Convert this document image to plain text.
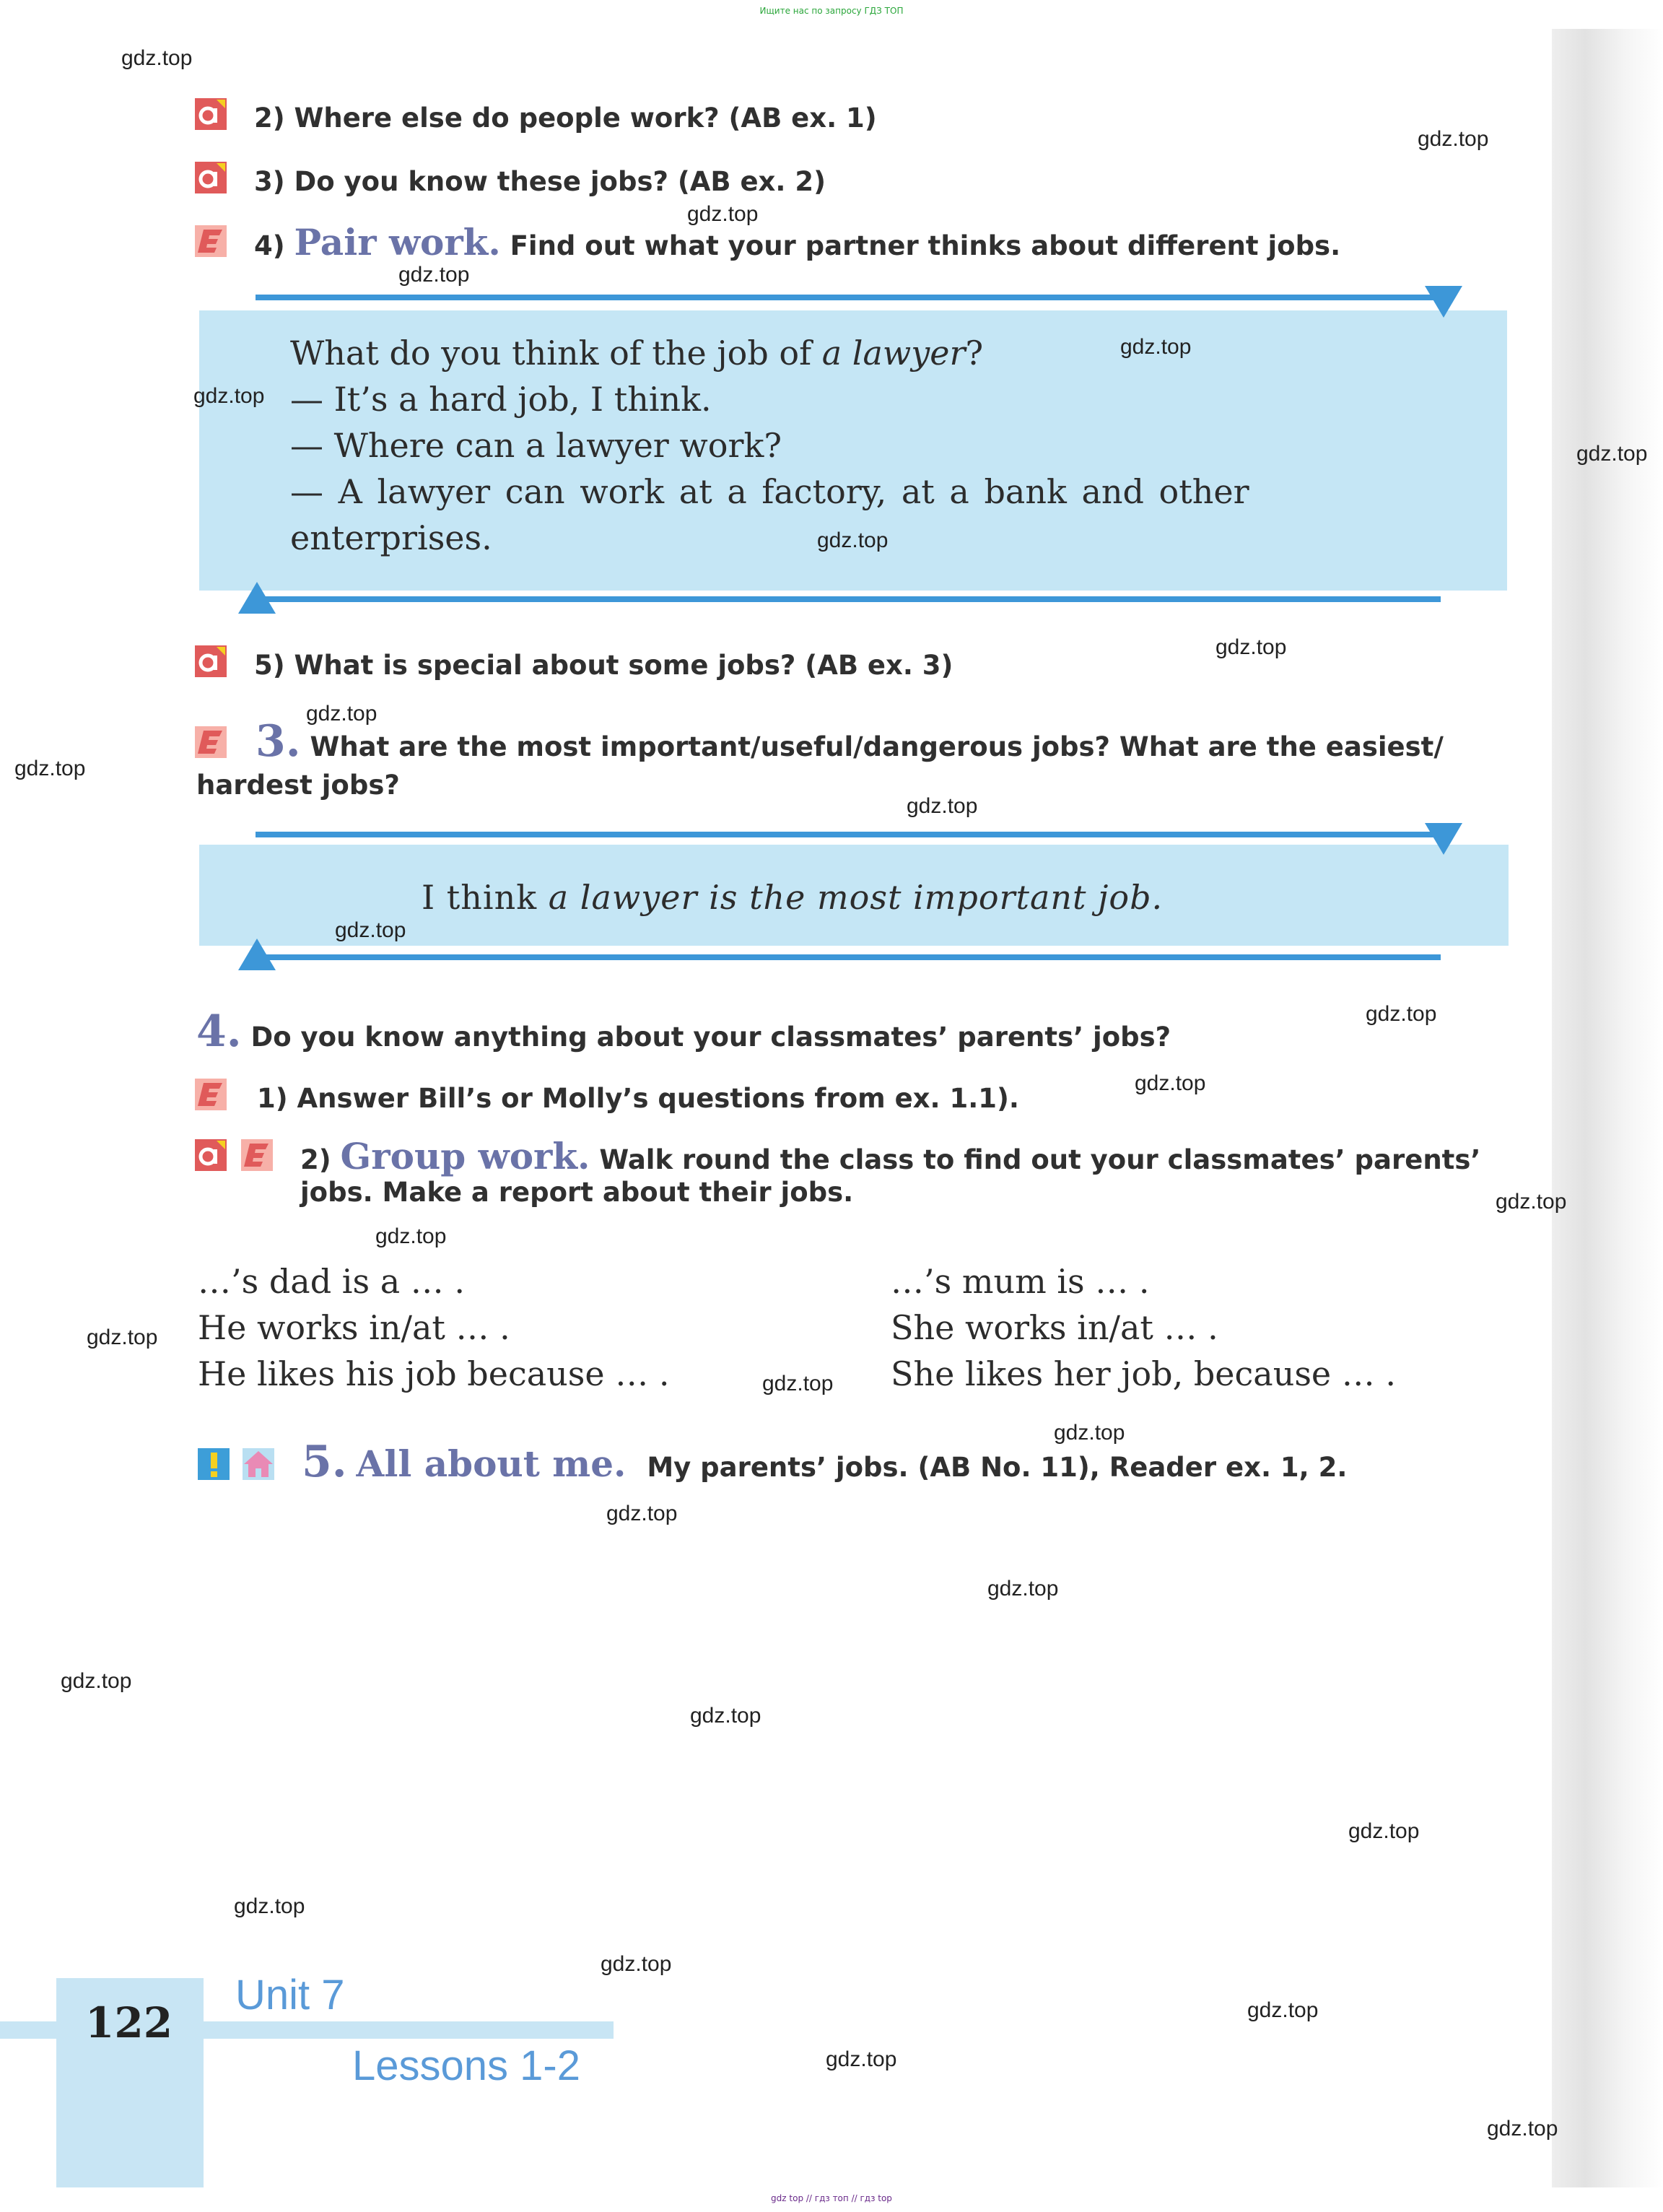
Ищите нас по запросу ГДЗ ТОП
2) Where else do people work? (AB ex. 1)
3) Do you know these jobs? (AB ex. 2)
4) Pair work. Find out what your partner thinks about different jobs.
What do you think of the job of a lawyer?
— It’s a hard job, I think.
— Where can a lawyer work?
— A lawyer can work at a factory, at a bank and other
enterprises.
5) What is special about some jobs? (AB ex. 3)
3. What are the most important/useful/dangerous jobs? What are the easiest/
hardest jobs?
I think a lawyer is the most important job.
4. Do you know anything about your classmates’ parents’ jobs?
1) Answer Bill’s or Molly’s questions from ex. 1.1).
2) Group work. Walk round the class to find out your classmates’ parents’
jobs. Make a report about their jobs.
…’s dad is a … .
He works in/at … .
He likes his job because … .
…’s mum is … .
She works in/at … .
She likes her job, because … .
5. All about me. My parents’ jobs. (AB No. 11), Reader ex. 1, 2.
122
Unit 7
Lessons 1-2
gdz.top
gdz.top
gdz.top
gdz.top
gdz.top
gdz.top
gdz.top
gdz.top
gdz.top
gdz.top
gdz.top
gdz.top
gdz.top
gdz.top
gdz.top
gdz.top
gdz.top
gdz.top
gdz.top
gdz.top
gdz.top
gdz.top
gdz.top
gdz.top
gdz.top
gdz.top
gdz.top
gdz.top
gdz.top
gdz.top
gdz top // гдз топ // гдз top
